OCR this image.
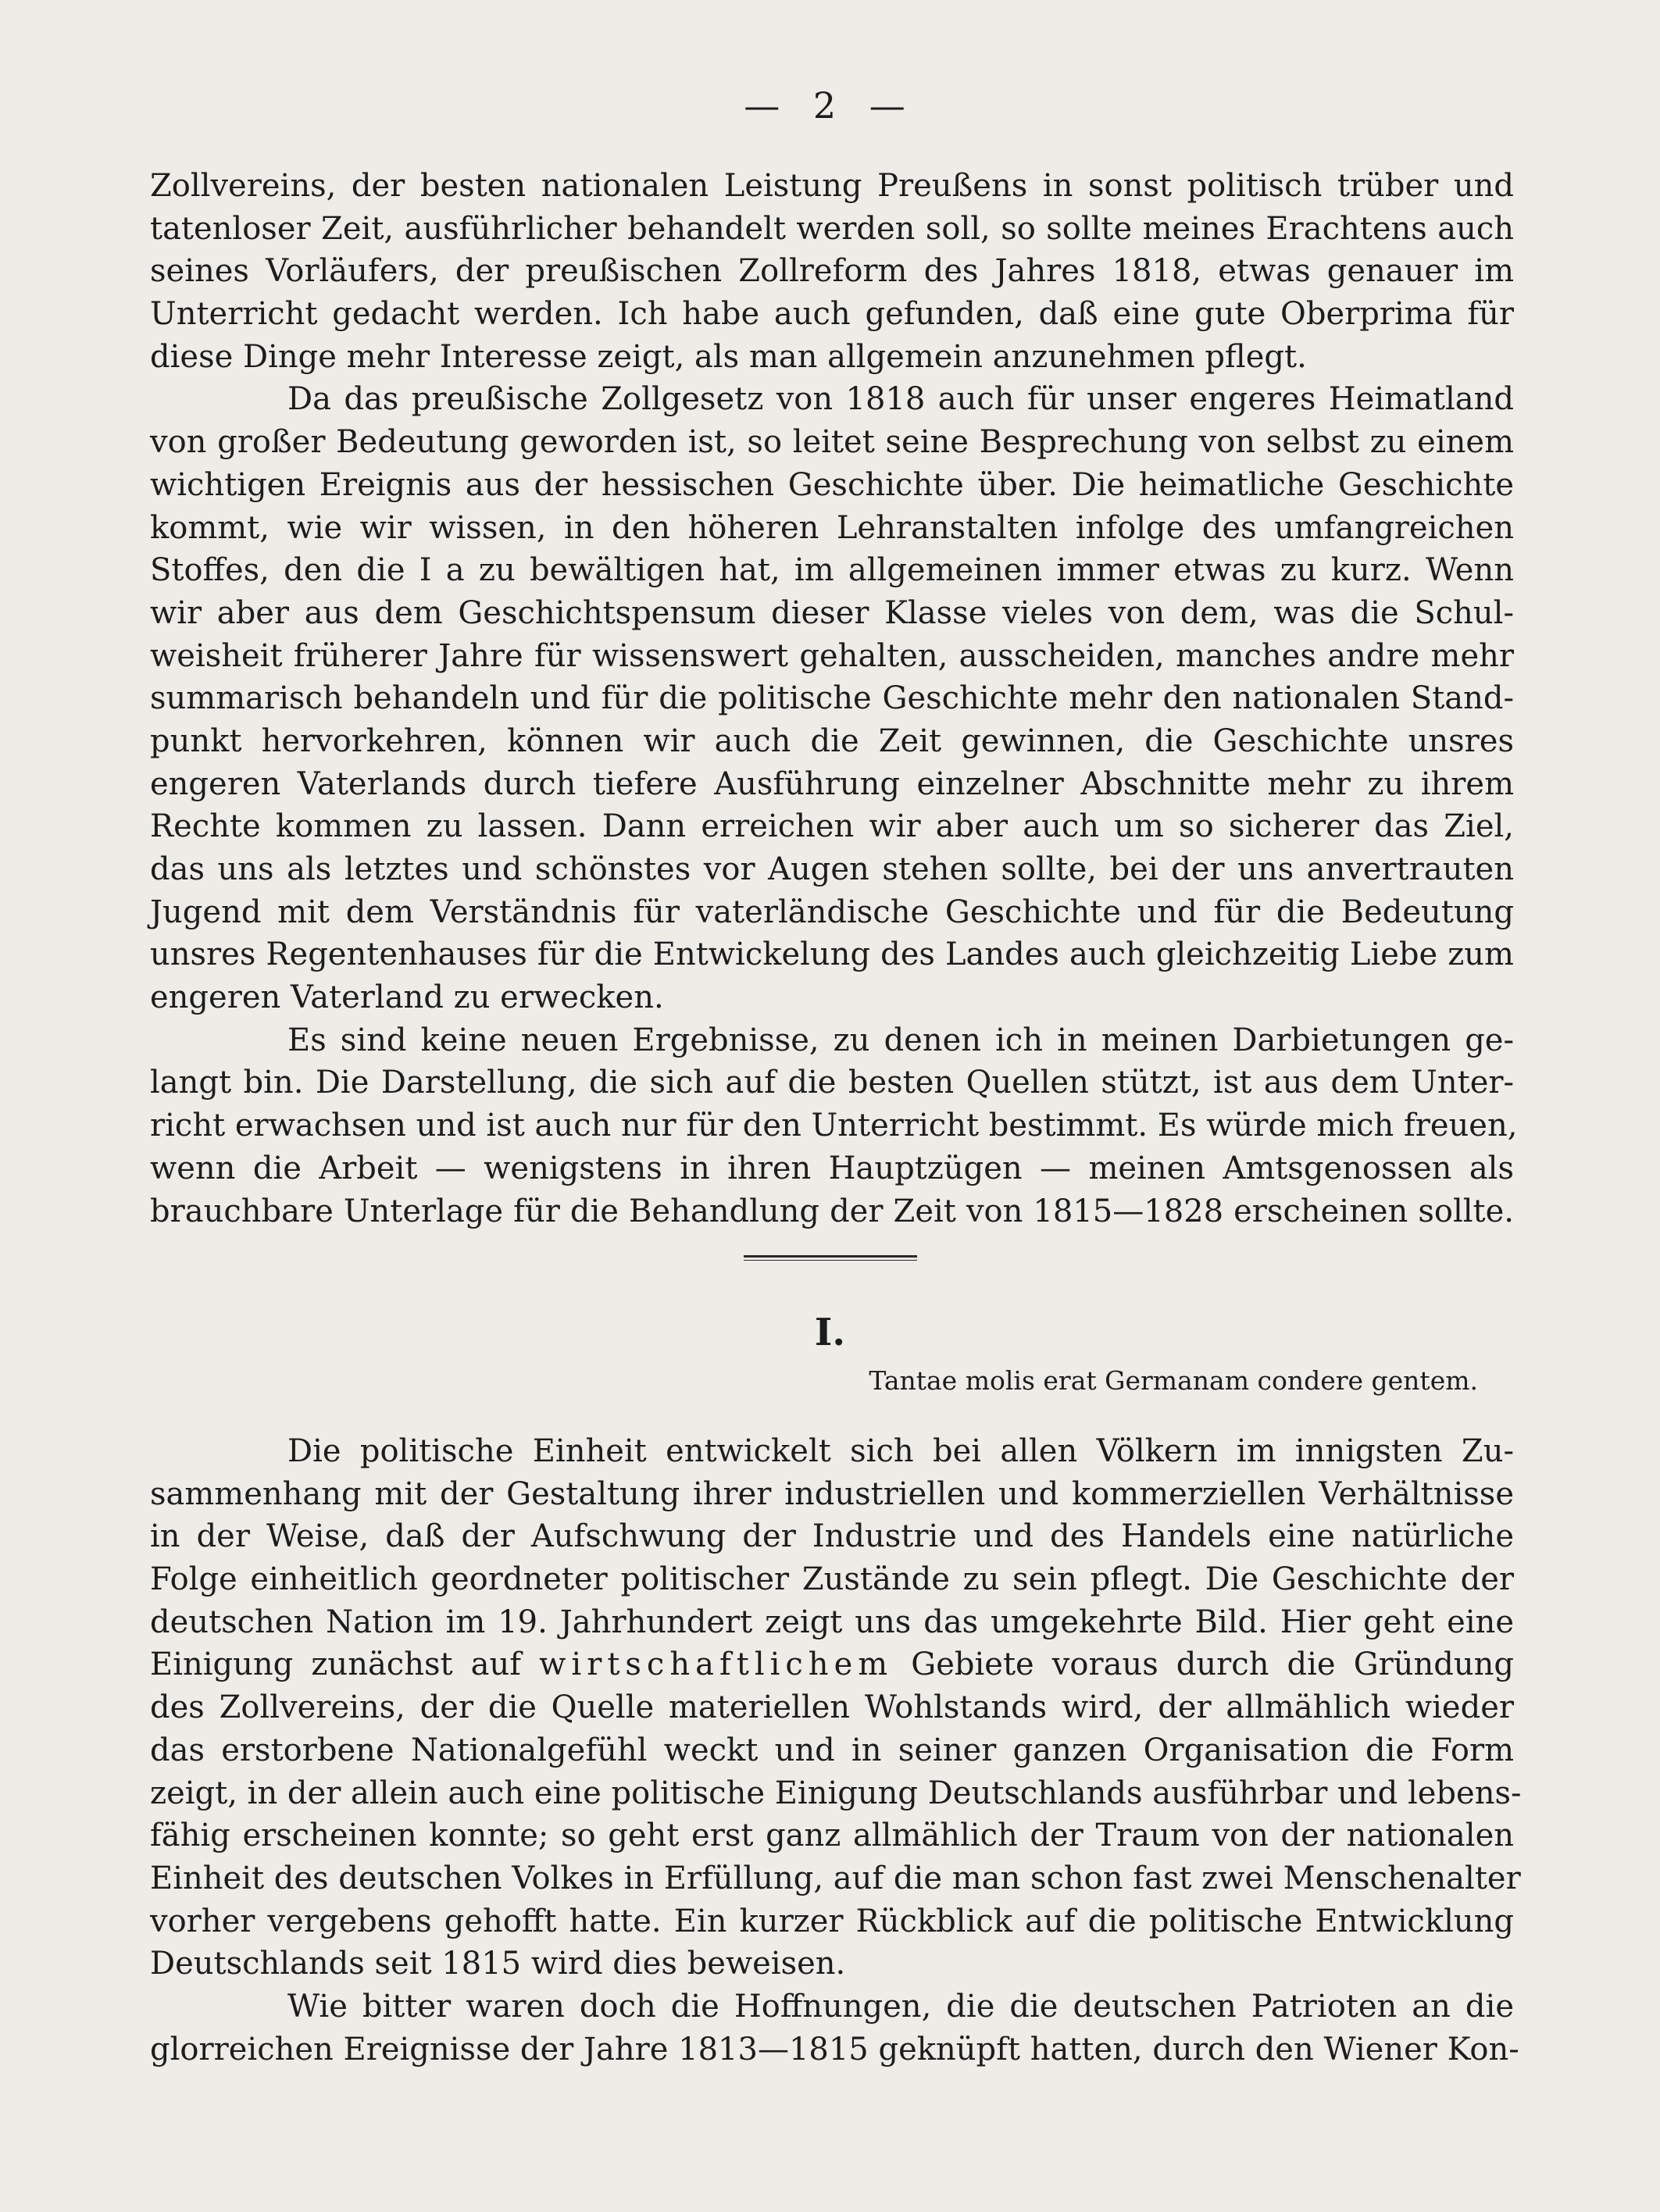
— 2 —
Zollvereins, der besten nationalen Leistung Preußens in sonst politisch trüber und
tatenloser Zeit, ausführlicher behandelt werden soll, so sollte meines Erachtens auch
seines Vorläufers, der preußischen Zollreform des Jahres 1818, etwas genauer im
Unterricht gedacht werden. Ich habe auch gefunden, daß eine gute Oberprima für
diese Dinge mehr Interesse zeigt, als man allgemein anzunehmen pflegt.
Da das preußische Zollgesetz von 1818 auch für unser engeres Heimatland
von großer Bedeutung geworden ist, so leitet seine Besprechung von selbst zu einem
wichtigen Ereignis aus der hessischen Geschichte über. Die heimatliche Geschichte
kommt, wie wir wissen, in den höheren Lehranstalten infolge des umfangreichen
Stoffes, den die I a zu bewältigen hat, im allgemeinen immer etwas zu kurz. Wenn
wir aber aus dem Geschichtspensum dieser Klasse vieles von dem, was die Schul-
weisheit früherer Jahre für wissenswert gehalten, ausscheiden, manches andre mehr
summarisch behandeln und für die politische Geschichte mehr den nationalen Stand-
punkt hervorkehren, können wir auch die Zeit gewinnen, die Geschichte unsres
engeren Vaterlands durch tiefere Ausführung einzelner Abschnitte mehr zu ihrem
Rechte kommen zu lassen. Dann erreichen wir aber auch um so sicherer das Ziel,
das uns als letztes und schönstes vor Augen stehen sollte, bei der uns anvertrauten
Jugend mit dem Verständnis für vaterländische Geschichte und für die Bedeutung
unsres Regentenhauses für die Entwickelung des Landes auch gleichzeitig Liebe zum
engeren Vaterland zu erwecken.
Es sind keine neuen Ergebnisse, zu denen ich in meinen Darbietungen ge-
langt bin. Die Darstellung, die sich auf die besten Quellen stützt, ist aus dem Unter-
richt erwachsen und ist auch nur für den Unterricht bestimmt. Es würde mich freuen,
wenn die Arbeit — wenigstens in ihren Hauptzügen — meinen Amtsgenossen als
brauchbare Unterlage für die Behandlung der Zeit von 1815—1828 erscheinen sollte.
I.
Tantae molis erat Germanam condere gentem.
Die politische Einheit entwickelt sich bei allen Völkern im innigsten Zu-
sammenhang mit der Gestaltung ihrer industriellen und kommerziellen Verhältnisse
in der Weise, daß der Aufschwung der Industrie und des Handels eine natürliche
Folge einheitlich geordneter politischer Zustände zu sein pflegt. Die Geschichte der
deutschen Nation im 19. Jahrhundert zeigt uns das umgekehrte Bild. Hier geht eine
Einigung zunächst auf wirtschaftlichem Gebiete voraus durch die Gründung
des Zollvereins, der die Quelle materiellen Wohlstands wird, der allmählich wieder
das erstorbene Nationalgefühl weckt und in seiner ganzen Organisation die Form
zeigt, in der allein auch eine politische Einigung Deutschlands ausführbar und lebens-
fähig erscheinen konnte; so geht erst ganz allmählich der Traum von der nationalen
Einheit des deutschen Volkes in Erfüllung, auf die man schon fast zwei Menschenalter
vorher vergebens gehofft hatte. Ein kurzer Rückblick auf die politische Entwicklung
Deutschlands seit 1815 wird dies beweisen.
Wie bitter waren doch die Hoffnungen, die die deutschen Patrioten an die
glorreichen Ereignisse der Jahre 1813—1815 geknüpft hatten, durch den Wiener Kon-
